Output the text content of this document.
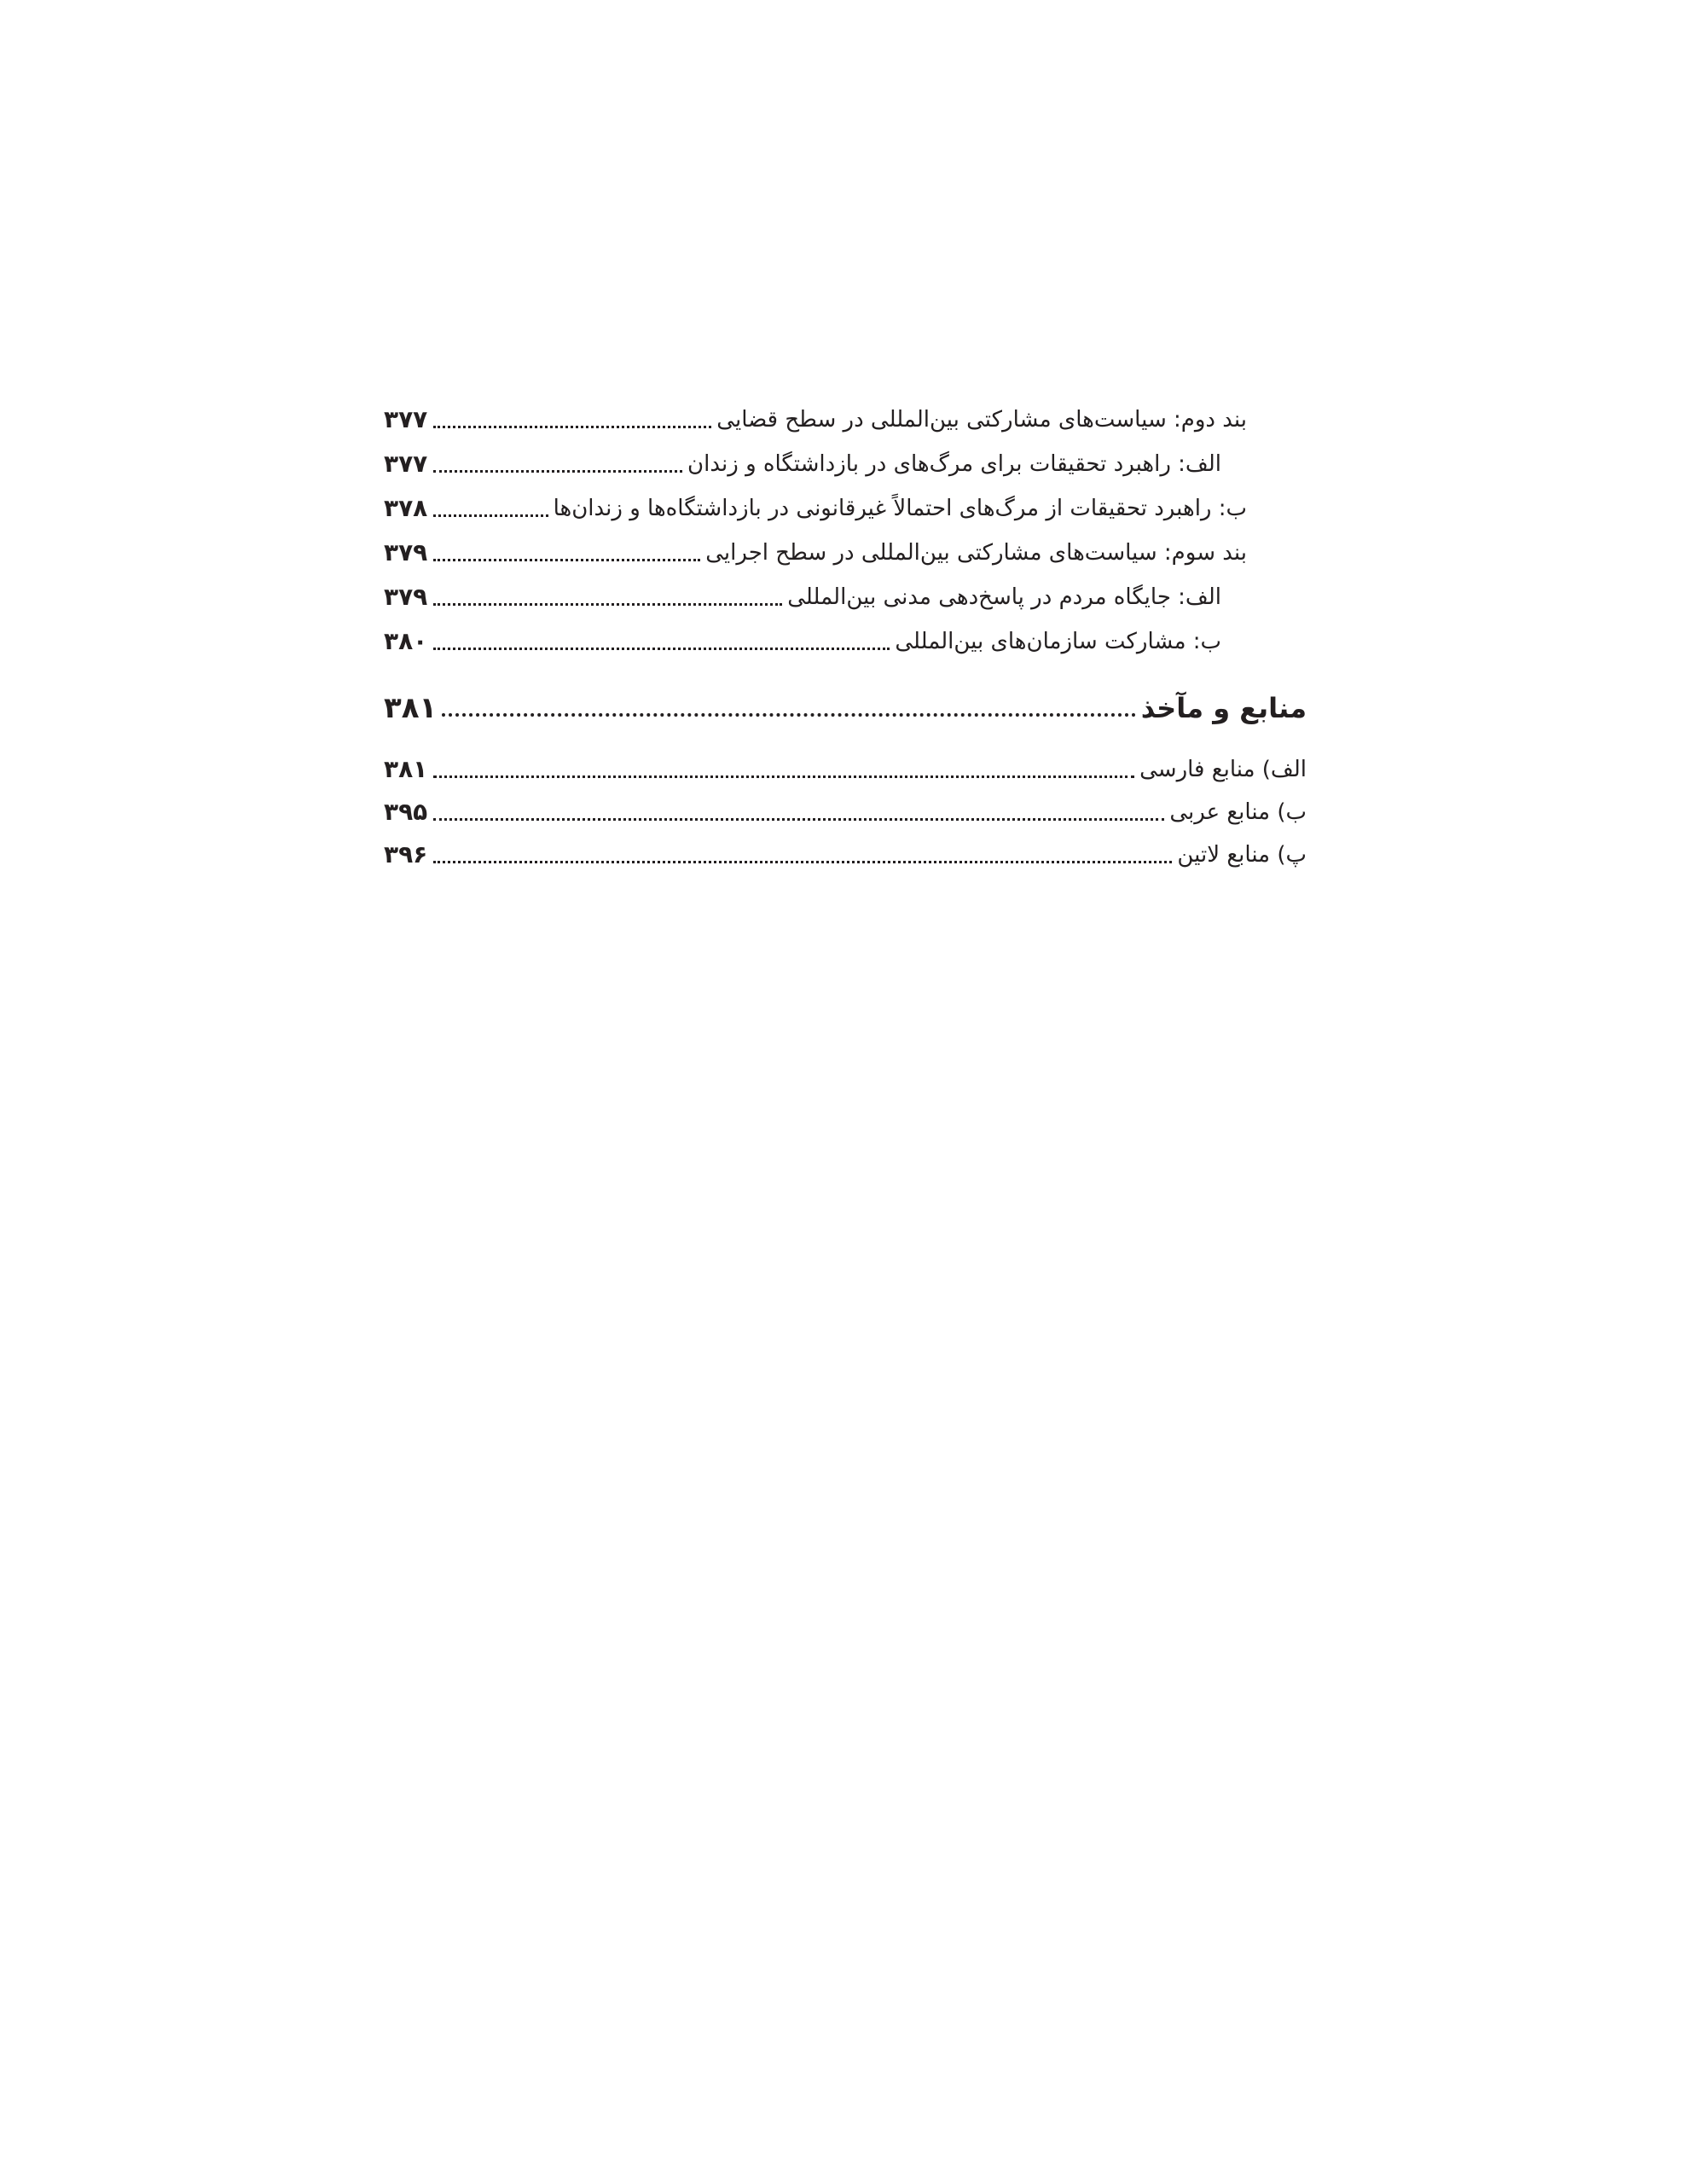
بند دوم: سیاست‌های مشارکتی بین‌المللی در سطح قضایی
۳۷۷
الف: راهبرد تحقیقات برای مرگ‌های در بازداشتگاه و زندان
۳۷۷
ب: راهبرد تحقیقات از مرگ‌های احتمالاً غیرقانونی در بازداشتگاه‌ها و زندان‌ها
۳۷۸
بند سوم: سیاست‌های مشارکتی بین‌المللی در سطح اجرایی
۳۷۹
الف: جایگاه مردم در پاسخ‌دهی مدنی بین‌المللی
۳۷۹
ب: مشارکت سازمان‌های بین‌المللی
۳۸۰
منابع و مآخذ
۳۸۱
الف) منابع فارسی
۳۸۱
ب) منابع عربی
۳۹۵
پ) منابع لاتین
۳۹۶
